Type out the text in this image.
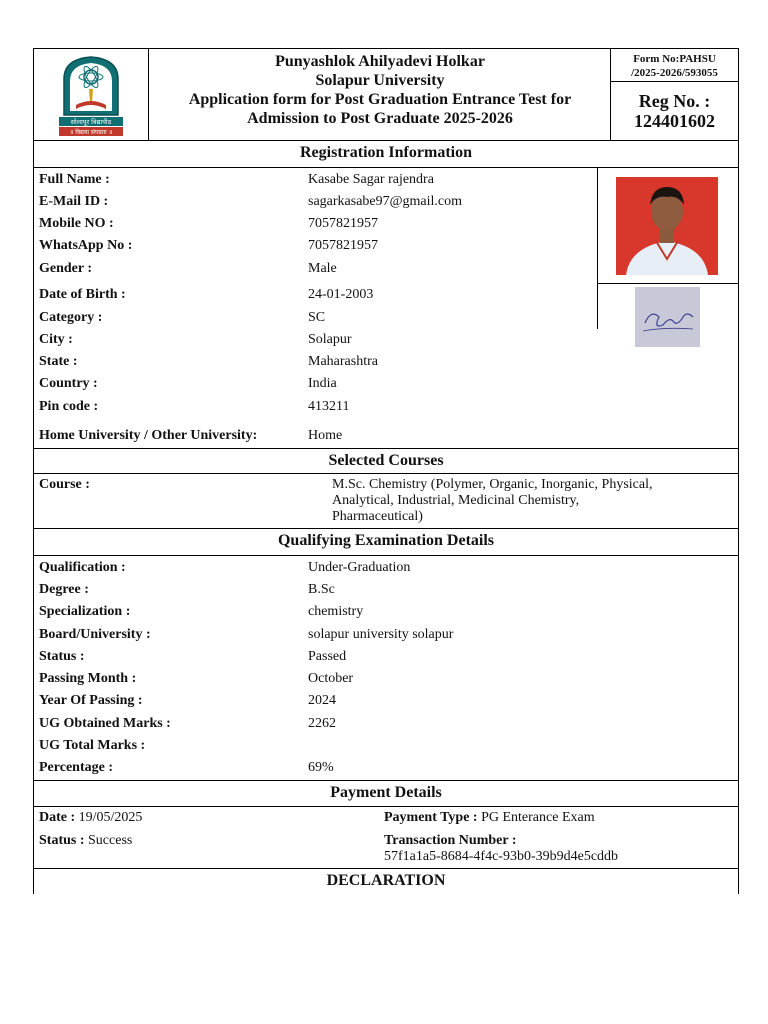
सोलापूर विद्यापीठ
॥ विद्यया संपन्नता ॥
Punyashlok Ahilyadevi Holkar
Solapur University
Application form for Post Graduation Entrance Test for
Admission to Post Graduate 2025-2026
Form No:PAHSU
/2025-2026/593055
Reg No. :
124401602
Registration Information
Full Name :	Kasabe Sagar rajendra
E-Mail ID :	sagarkasabe97@gmail.com
Mobile NO :	7057821957
WhatsApp No :	7057821957
Gender :	Male
Date of Birth :	24-01-2003
Category :	SC
City :	Solapur
State :	Maharashtra
Country :	India
Pin code :	413211
Home University / Other University:	Home
Selected Courses
Course :	M.Sc. Chemistry (Polymer, Organic, Inorganic, Physical,
Analytical, Industrial, Medicinal Chemistry,
Pharmaceutical)
Qualifying Examination Details
Qualification :	Under-Graduation
Degree :	B.Sc
Specialization :	chemistry
Board/University :	solapur university solapur
Status :	Passed
Passing Month :	October
Year Of Passing :	2024
UG Obtained Marks :	2262
UG Total Marks :
Percentage :	69%
Payment Details
Date : 19/05/2025
Status : Success
Payment Type : PG Enterance Exam
Transaction Number :
57f1a1a5-8684-4f4c-93b0-39b9d4e5cddb
DECLARATION
